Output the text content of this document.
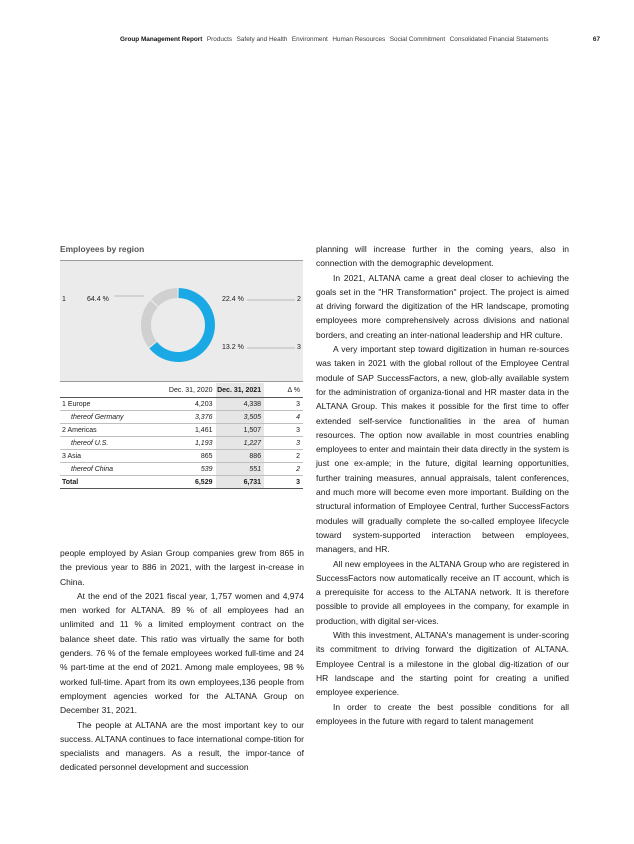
Group Management Report Products Safety and Health Environment Human Resources Social Commitment Consolidated Financial Statements	67
Employees by region
1	64.4 %	22.4 %	2
13.2 %	3
	Dec. 31, 2020	Dec. 31, 2021	Δ %
1 Europe	4,203	4,338	3
thereof Germany	3,376	3,505	4
2 Americas	1,461	1,507	3
thereof U.S.	1,193	1,227	3
3 Asia	865	886	2
thereof China	539	551	2
Total	6,529	6,731	3

people employed by Asian Group companies grew from 865 in the previous year to 886 in 2021, with the largest in-crease in China.

At the end of the 2021 fiscal year, 1,757 women and 4,974 men worked for ALTANA. 89 % of all employees had an unlimited and 11 % a limited employment contract on the balance sheet date. This ratio was virtually the same for both genders. 76 % of the female employees worked full-time and 24 % part-time at the end of 2021. Among male employees, 98 % worked full-time. Apart from its own employees,136 people from employment agencies worked for the ALTANA Group on December 31, 2021.

The people at ALTANA are the most important key to our success. ALTANA continues to face international compe-tition for specialists and managers. As a result, the impor-tance of dedicated personnel development and succession

planning will increase further in the coming years, also in connection with the demographic development.

In 2021, ALTANA came a great deal closer to achieving the goals set in the "HR Transformation" project. The project is aimed at driving forward the digitization of the HR landscape, promoting employees more comprehensively across divisions and national borders, and creating an inter-national leadership and HR culture.

A very important step toward digitization in human re-sources was taken in 2021 with the global rollout of the Employee Central module of SAP SuccessFactors, a new, glob-ally available system for the administration of organiza-tional and HR master data in the ALTANA Group. This makes it possible for the first time to offer extended self-service functionalities in the area of human resources. The option now available in most countries enabling employees to enter and maintain their data directly in the system is just one ex-ample; in the future, digital learning opportunities, further training measures, annual appraisals, talent conferences, and much more will become even more important. Building on the structural information of Employee Central, further SuccessFactors modules will gradually complete the so-called employee lifecycle toward system-supported interaction between employees, managers, and HR.

All new employees in the ALTANA Group who are registered in SuccessFactors now automatically receive an IT account, which is a prerequisite for access to the ALTANA network. It is therefore possible to provide all employees in the company, for example in production, with digital ser-vices.

With this investment, ALTANA's management is under-scoring its commitment to driving forward the digitization of ALTANA. Employee Central is a milestone in the global dig-itization of our HR landscape and the starting point for creating a unified employee experience.

In order to create the best possible conditions for all employees in the future with regard to talent management
